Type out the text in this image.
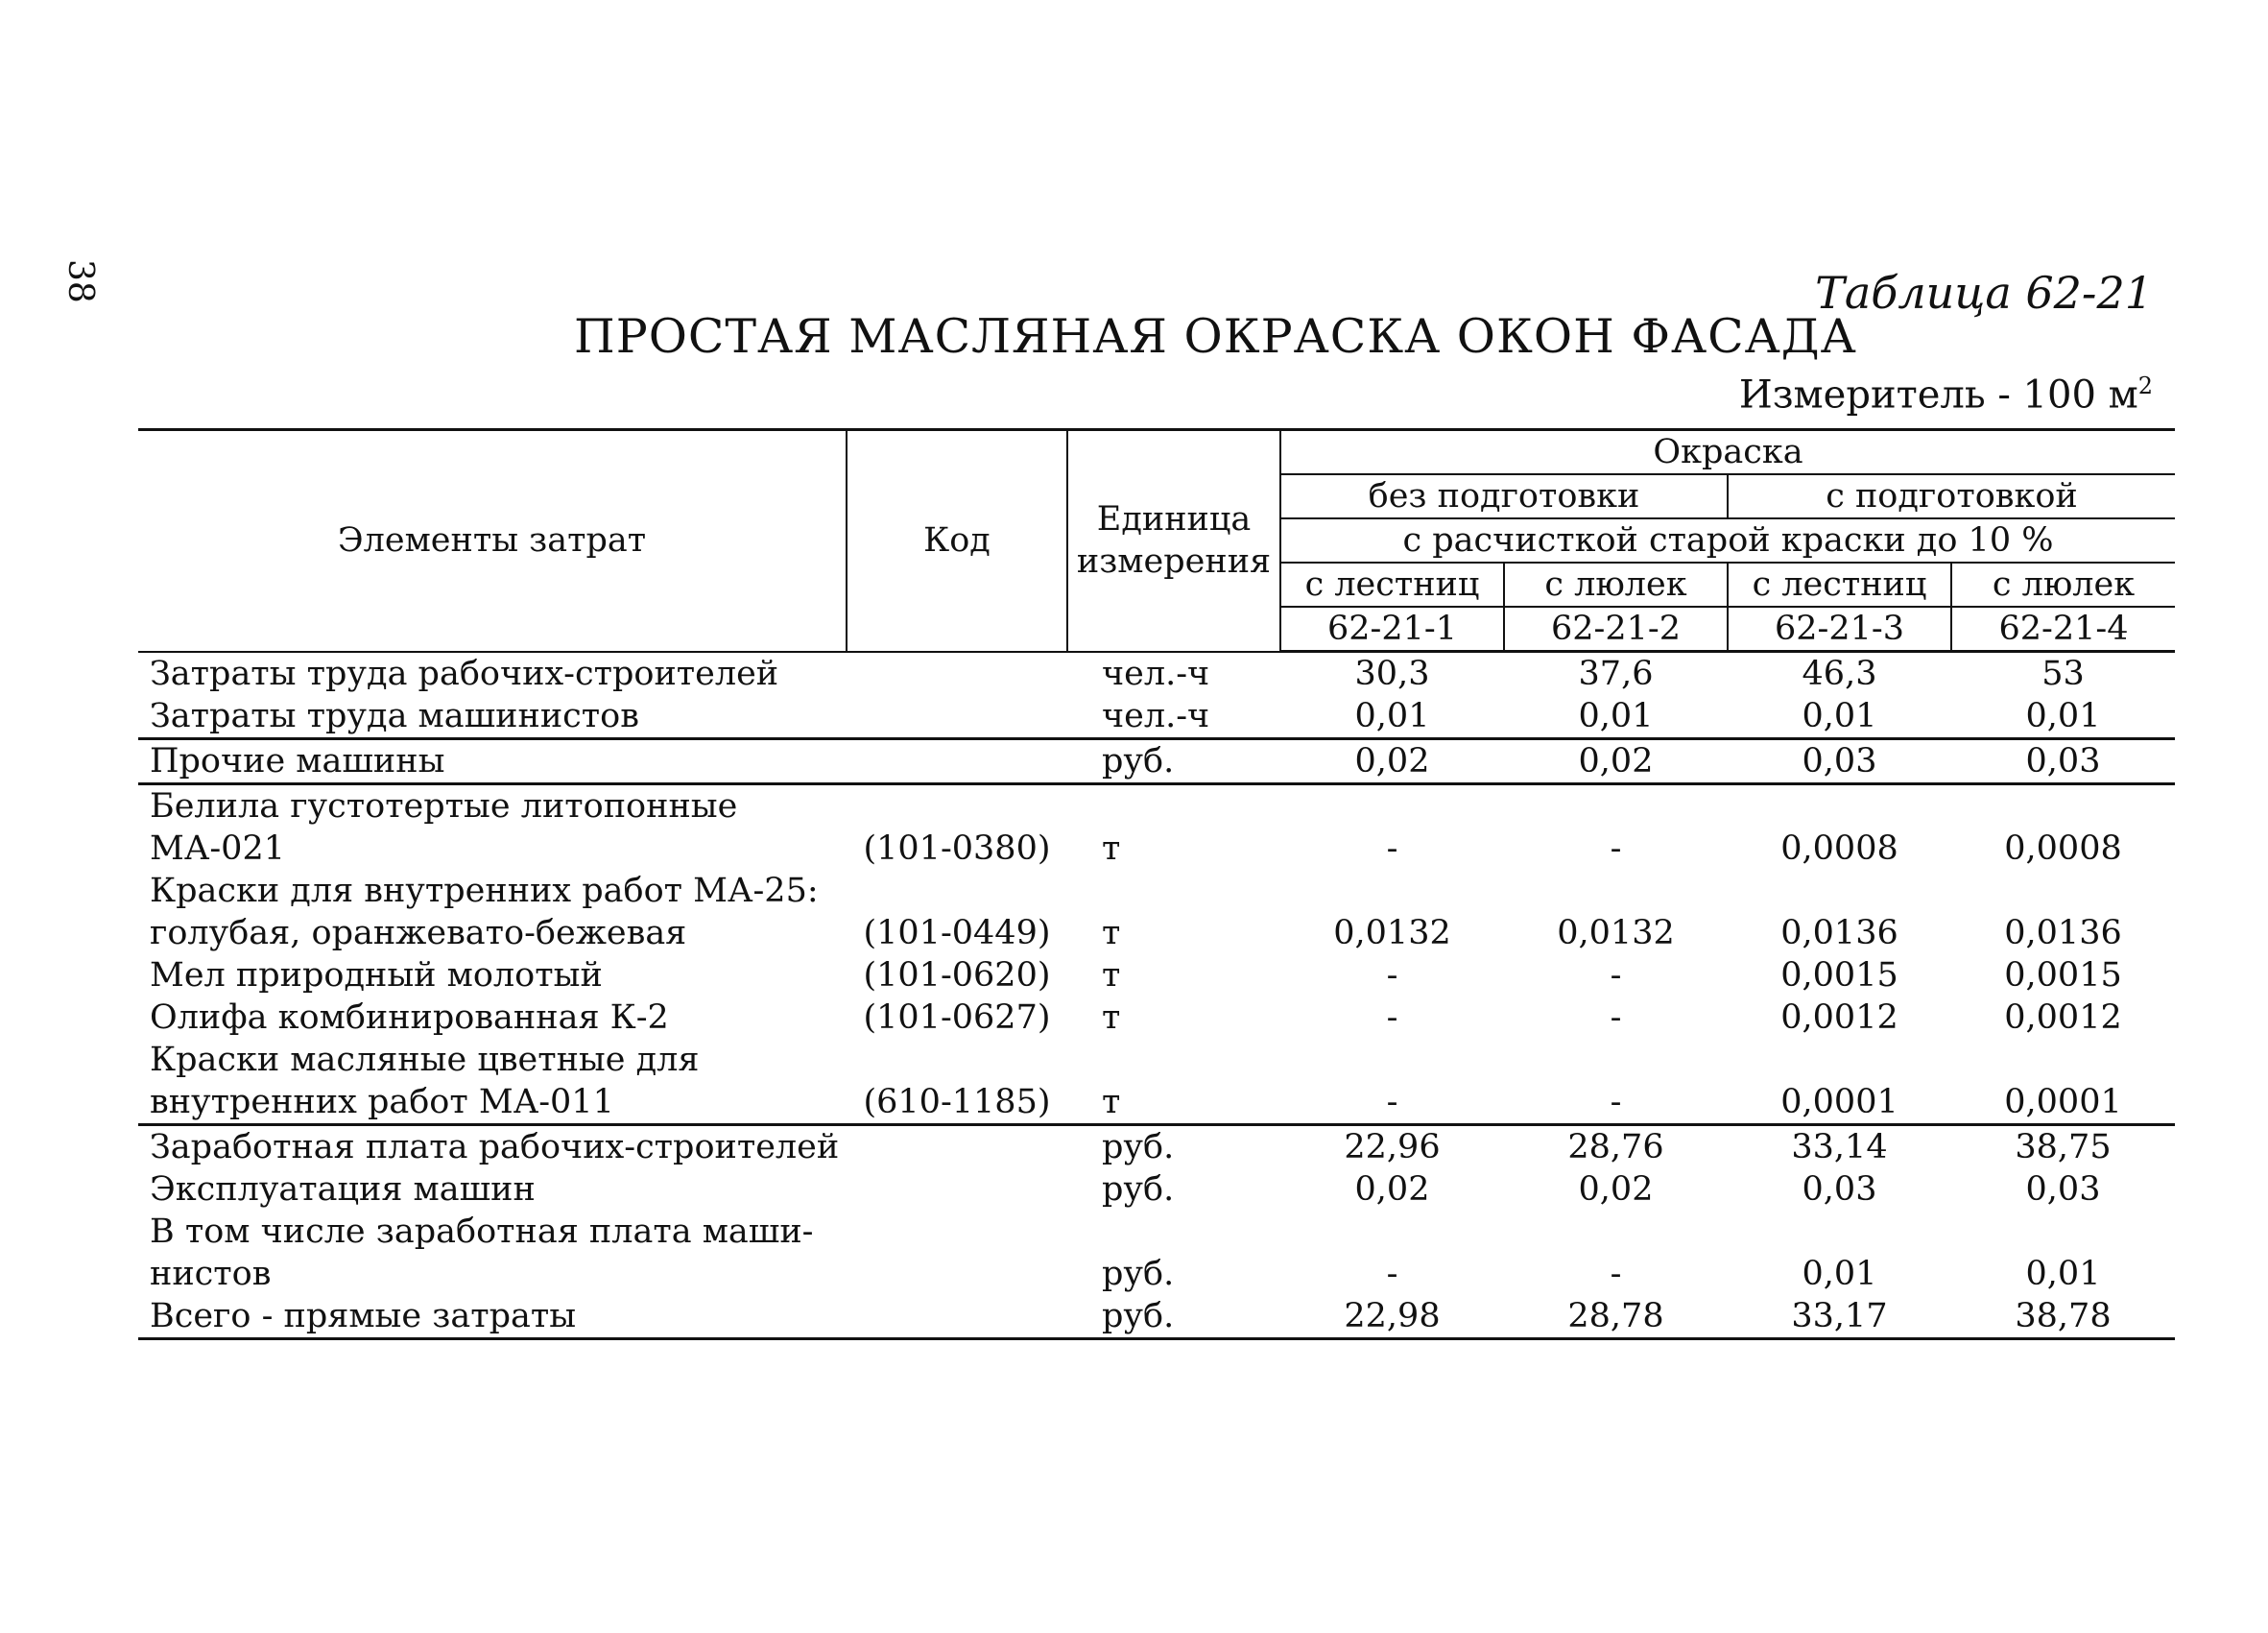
38	Таблица 62-21
ПРОСТАЯ МАСЛЯНАЯ ОКРАСКА ОКОН ФАСАДА
Измеритель - 100 $м^2$
Элементы затрат	Код	Единица измерения	Окраска			
			без подготовки		с подготовкой	
			с расчисткой старой краски до 10 %			
			с лестниц	с люлек	с лестниц	с люлек
			62-21-1	62-21-2	62-21-3	62-21-4
Затраты труда рабочих-строителей		чел.-ч	30,3	37,6	46,3	53
Затраты труда машинистов		чел.-ч	0,01	0,01	0,01	0,01
Прочие машины		руб.	0,02	0,02	0,03	0,03
Белила густотертые литопонные						
МА-021	(101-0380)	т	-	-	0,0008	0,0008
Краски для внутренних работ МА-25:						
голубая, оранжевато-бежевая	(101-0449)	т	0,0132	0,0132	0,0136	0,0136
Мел природный молотый	(101-0620)	т	-	-	0,0015	0,0015
Олифа комбинированная К-2	(101-0627)	т	-	-	0,0012	0,0012
Краски масляные цветные для						
внутренних работ МА-011	(610-1185)	т	-	-	0,0001	0,0001
Заработная плата рабочих-строителей		руб.	22,96	28,76	33,14	38,75
Эксплуатация машин		руб.	0,02	0,02	0,03	0,03
В том числе заработная плата маши-						
нистов		руб.	-	-	0,01	0,01
Всего - прямые затраты		руб.	22,98	28,78	33,17	38,78
